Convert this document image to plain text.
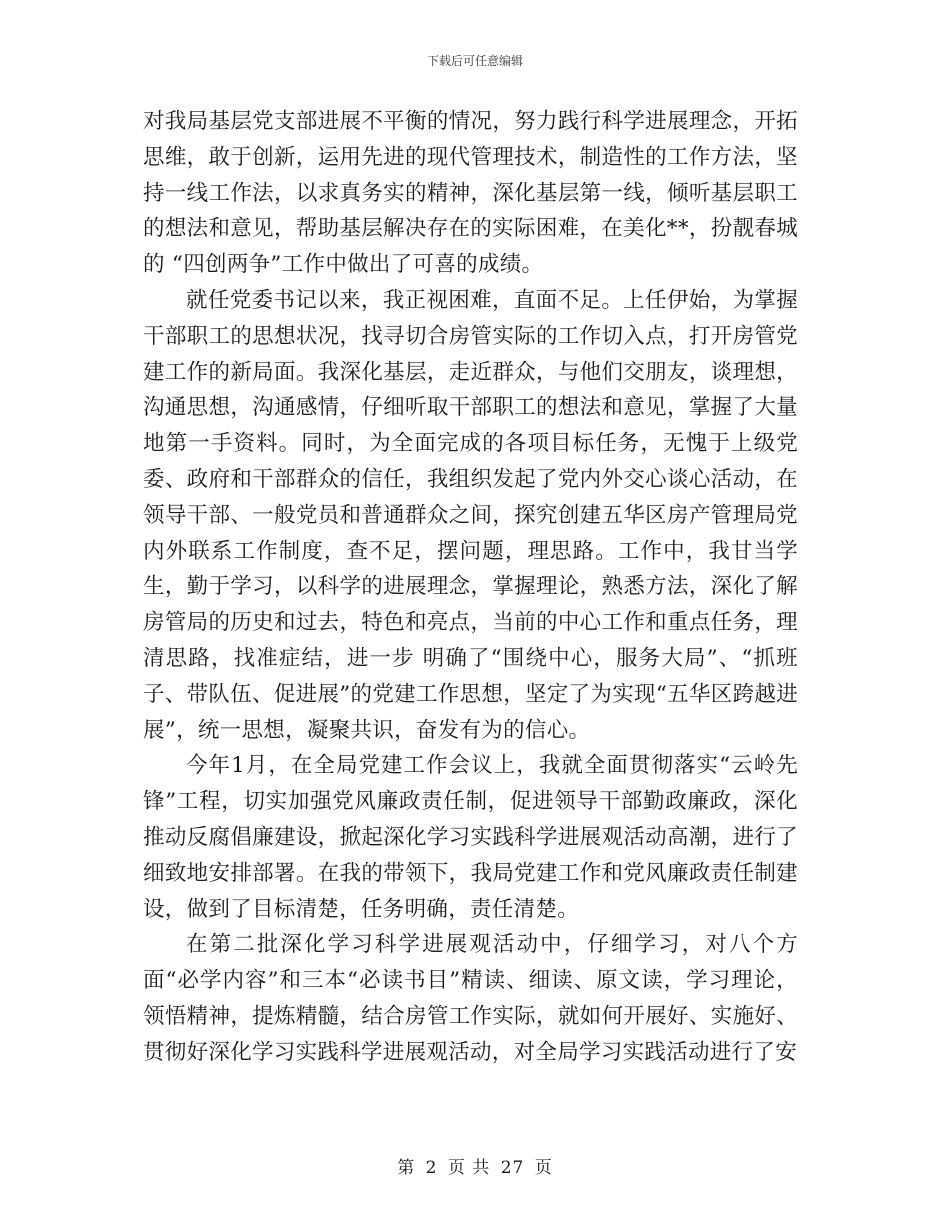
下载后可任意编辑

对我局基层党支部进展不平衡的情况，努力践行科学进展理念，开拓思维，敢于创新，运用先进的现代管理技术，制造性的工作方法，坚持一线工作法，以求真务实的精神，深化基层第一线，倾听基层职工的想法和意见，帮助基层解决存在的实际困难，在美化**，扮靓春城的 “四创两争”工作中做出了可喜的成绩。

就任党委书记以来，我正视困难，直面不足。上任伊始，为掌握干部职工的思想状况，找寻切合房管实际的工作切入点，打开房管党建工作的新局面。我深化基层，走近群众，与他们交朋友，谈理想，沟通思想，沟通感情，仔细听取干部职工的想法和意见，掌握了大量地第一手资料。同时，为全面完成的各项目标任务，无愧于上级党委、政府和干部群众的信任，我组织发起了党内外交心谈心活动，在领导干部、一般党员和普通群众之间，探究创建五华区房产管理局党内外联系工作制度，查不足，摆问题，理思路。工作中，我甘当学生，勤于学习，以科学的进展理念，掌握理论，熟悉方法，深化了解房管局的历史和过去，特色和亮点，当前的中心工作和重点任务，理清思路，找准症结，进一步 明确了“围绕中心，服务大局”、“抓班子、带队伍、促进展”的党建工作思想，坚定了为实现“五华区跨越进展”，统一思想，凝聚共识，奋发有为的信心。

今年1月，在全局党建工作会议上，我就全面贯彻落实“云岭先锋”工程，切实加强党风廉政责任制，促进领导干部勤政廉政，深化推动反腐倡廉建设，掀起深化学习实践科学进展观活动高潮，进行了细致地安排部署。在我的带领下，我局党建工作和党风廉政责任制建设，做到了目标清楚，任务明确，责任清楚。

在第二批深化学习科学进展观活动中，仔细学习，对八个方面“必学内容”和三本“必读书目”精读、细读、原文读，学习理论，领悟精神，提炼精髓，结合房管工作实际，就如何开展好、实施好、贯彻好深化学习实践科学进展观活动，对全局学习实践活动进行了安

第 2 页 共 27 页
